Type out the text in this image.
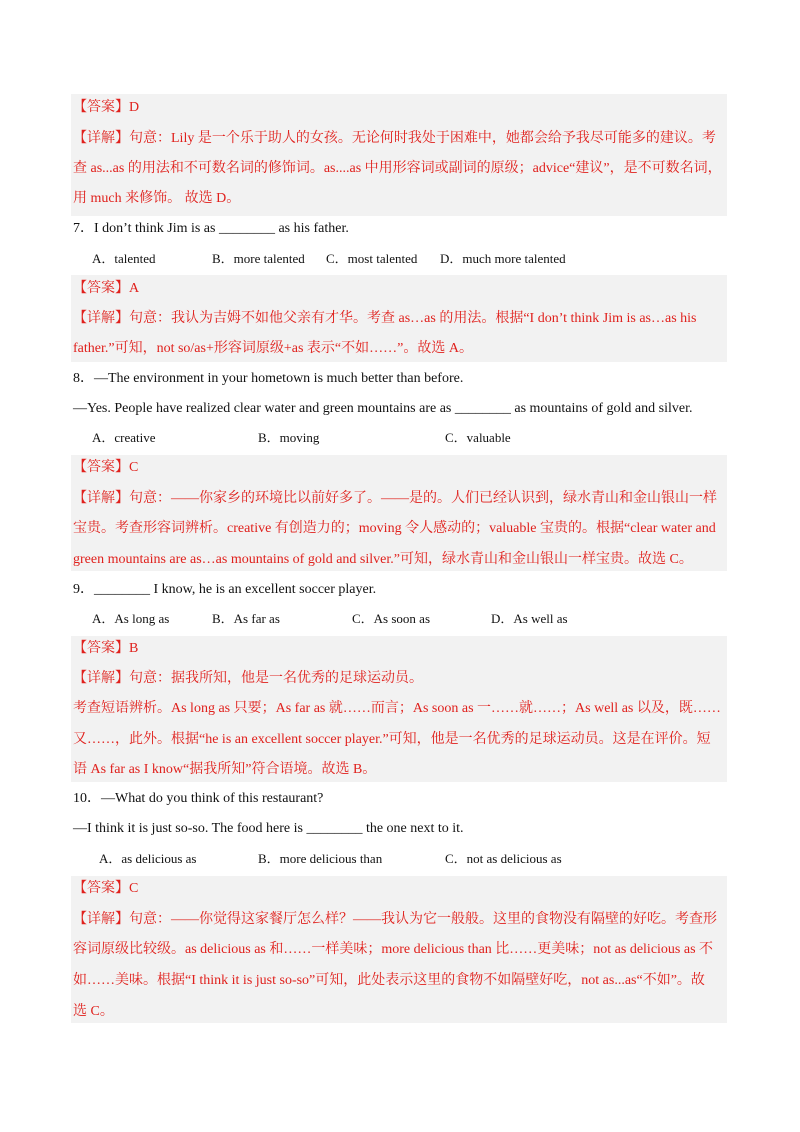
【答案】D
【详解】句意：Lily 是一个乐于助人的女孩。无论何时我处于困难中，她都会给予我尽可能多的建议。考
查 as...as 的用法和不可数名词的修饰词。as....as 中用形容词或副词的原级；advice“建议”，是不可数名词，
用 much 来修饰。 故选 D。
7．I don’t think Jim is as ________ as his father.
A．talented	B．more talented C．most talented D．much more talented
【答案】A
【详解】句意：我认为吉姆不如他父亲有才华。考查 as…as 的用法。根据“I don’t think Jim is as…as his
father.”可知，not so/as+形容词原级+as 表示“不如……”。故选 A。
8．—The environment in your hometown is much better than before.
—Yes. People have realized clear water and green mountains are as ________ as mountains of gold and silver.
A．creative	B．moving	C．valuable
【答案】C
【详解】句意：——你家乡的环境比以前好多了。——是的。人们已经认识到，绿水青山和金山银山一样
宝贵。考查形容词辨析。creative 有创造力的；moving 令人感动的；valuable 宝贵的。根据“clear water and
green mountains are as…as mountains of gold and silver.”可知，绿水青山和金山银山一样宝贵。故选 C。
9．________ I know, he is an excellent soccer player.
A．As long as	B．As far as	C．As soon as	D．As well as
【答案】B
【详解】句意：据我所知，他是一名优秀的足球运动员。
考查短语辨析。As long as 只要；As far as 就……而言；As soon as 一……就……；As well as 以及，既……
又……，此外。根据“he is an excellent soccer player.”可知，他是一名优秀的足球运动员。这是在评价。短
语 As far as I know“据我所知”符合语境。故选 B。
10．—What do you think of this restaurant?
—I think it is just so-so. The food here is ________ the one next to it.
A．as delicious as	B．more delicious than	C．not as delicious as
【答案】C
【详解】句意：——你觉得这家餐厅怎么样？——我认为它一般般。这里的食物没有隔壁的好吃。考查形
容词原级比较级。as delicious as 和……一样美味；more delicious than 比……更美味；not as delicious as 不
如……美味。根据“I think it is just so-so”可知，此处表示这里的食物不如隔壁好吃，not as...as“不如”。故
选 C。
